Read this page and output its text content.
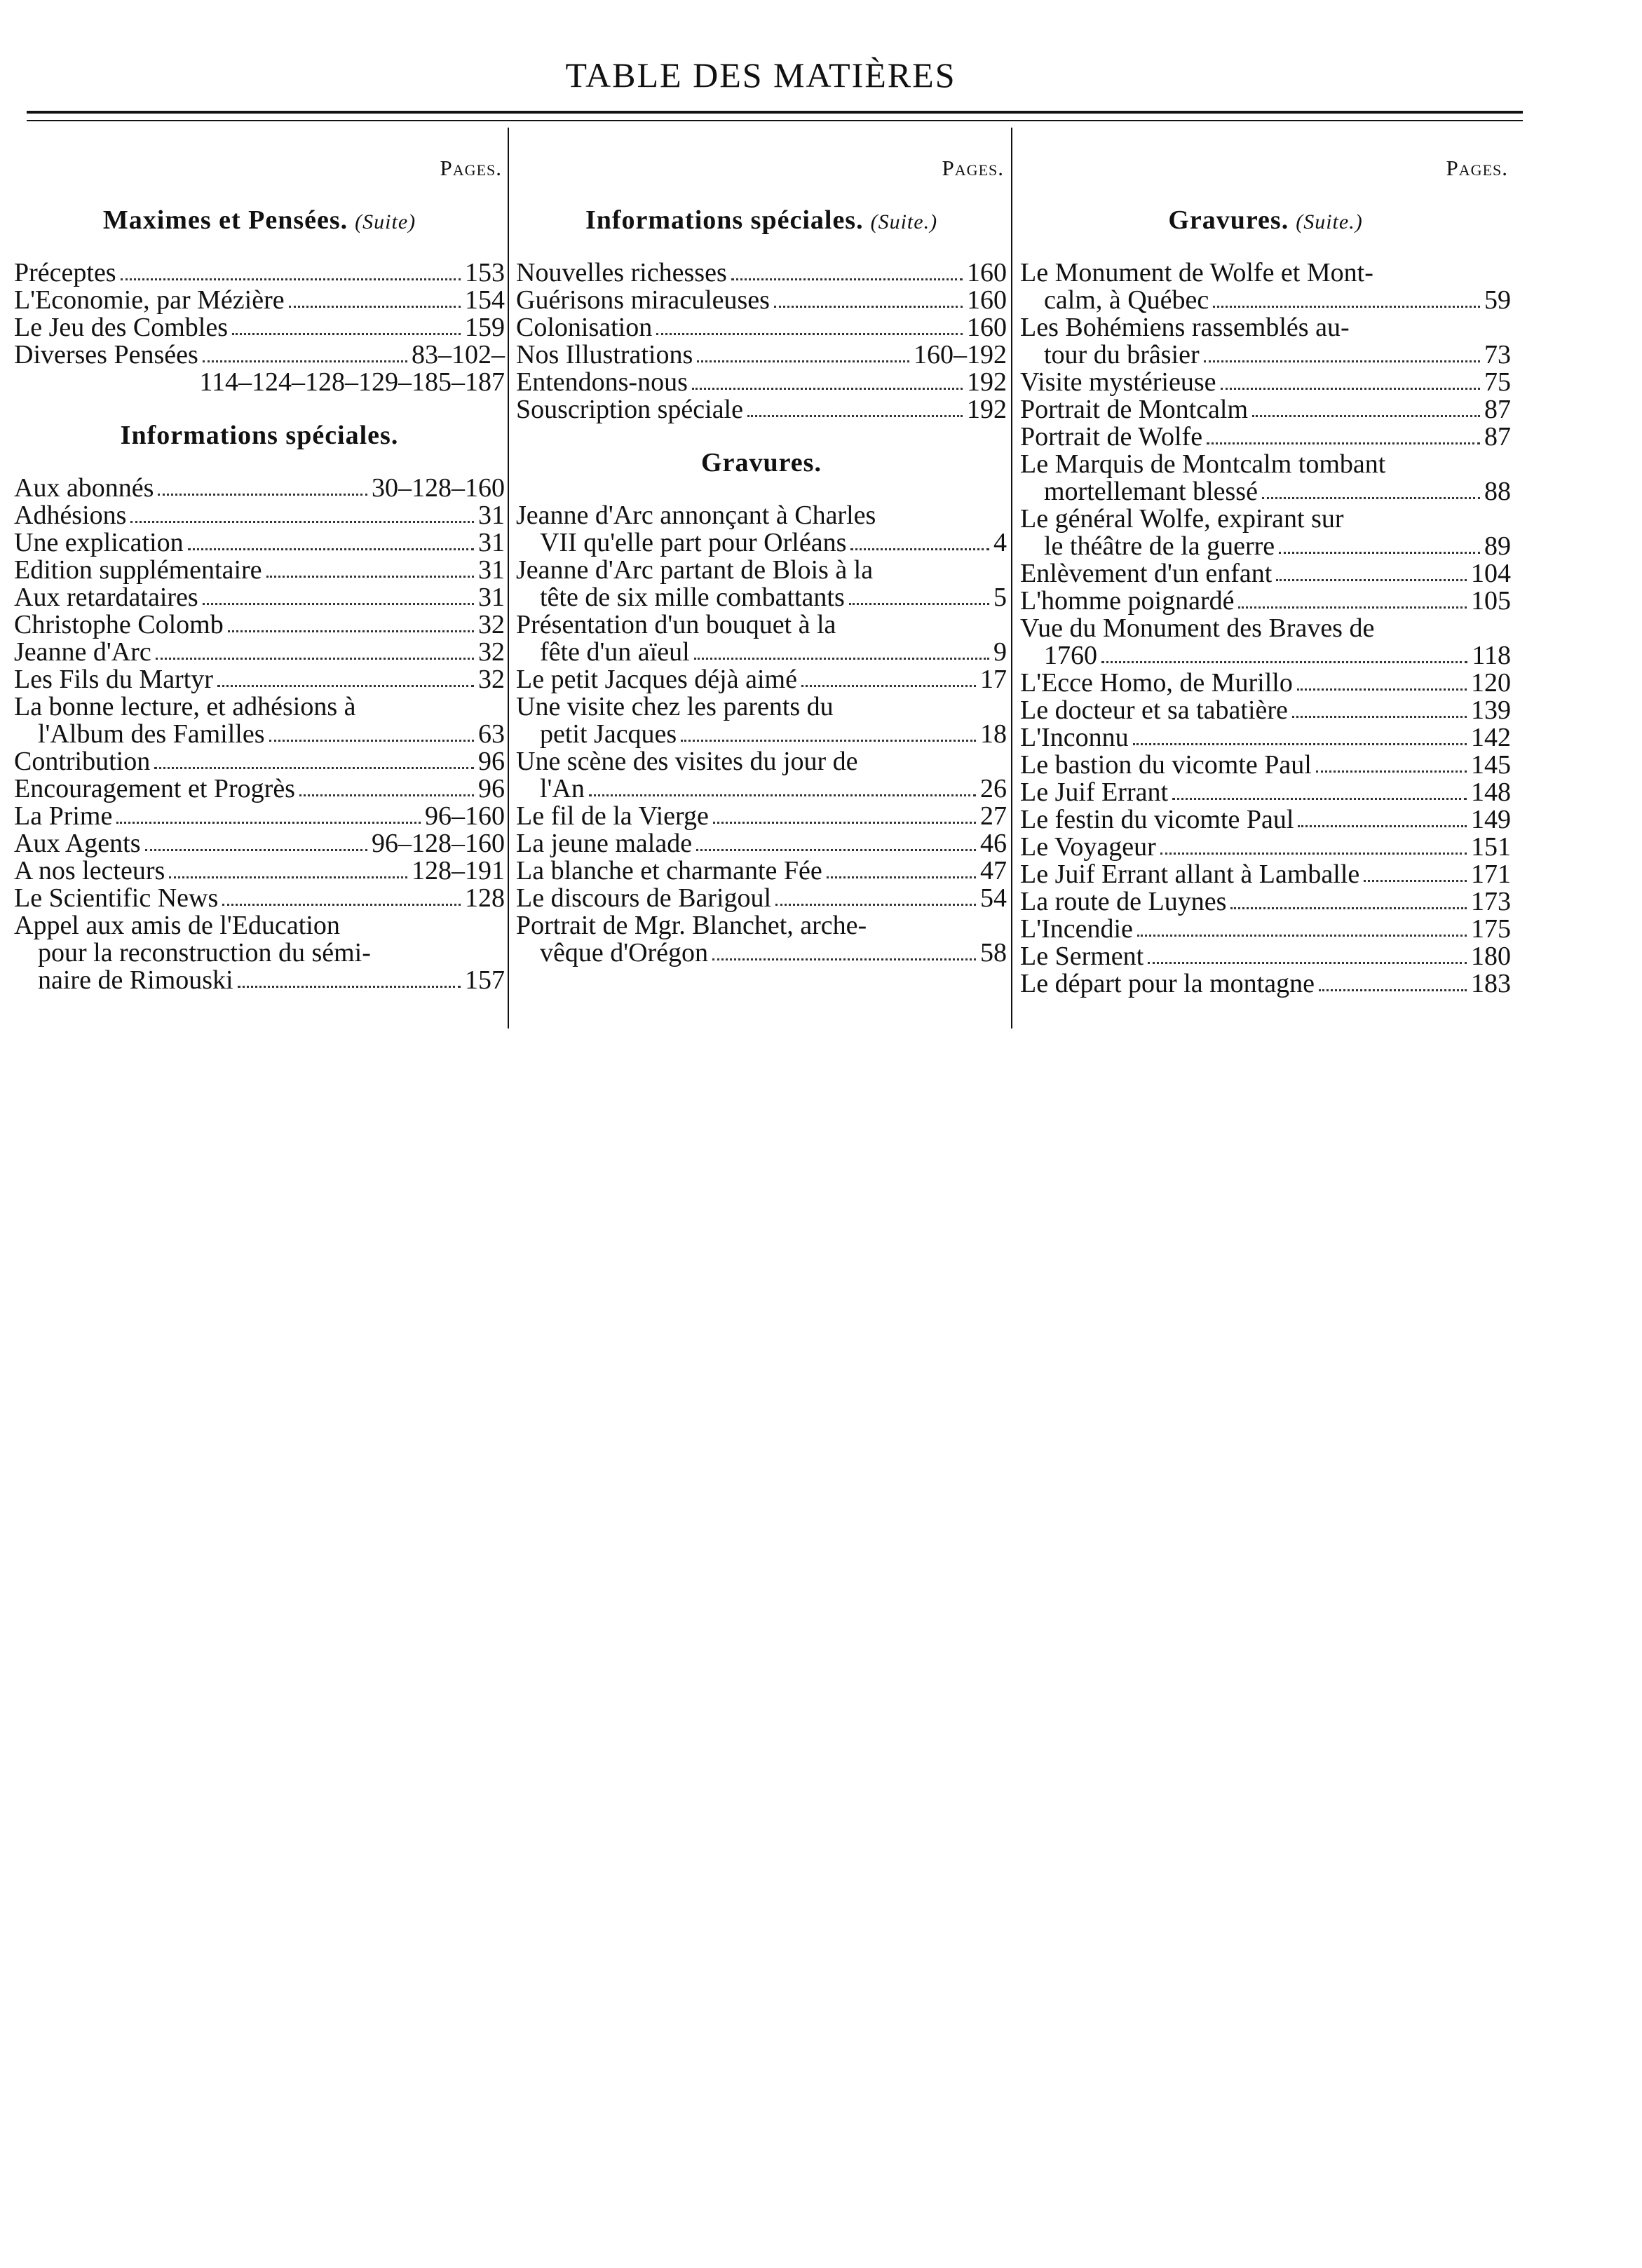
TABLE DES MATIÈRES
Pages.
Maximes et Pensées. (Suite)
Préceptes	153
L'Economie, par Mézière	154
Le Jeu des Combles	159
Diverses Pensées	83–102–
114–124–128–129–185–187
Informations spéciales.
Aux abonnés	30–128–160
Adhésions	31
Une explication	31
Edition supplémentaire	31
Aux retardataires	31
Christophe Colomb	32
Jeanne d'Arc	32
Les Fils du Martyr	32
La bonne lecture, et adhésions à
l'Album des Familles	63
Contribution	96
Encouragement et Progrès	96
La Prime	96–160
Aux Agents	96–128–160
A nos lecteurs	128–191
Le Scientific News	128
Appel aux amis de l'Education
pour la reconstruction du sémi-
naire de Rimouski	157
Pages.
Informations spéciales. (Suite.)
Nouvelles richesses	160
Guérisons miraculeuses	160
Colonisation	160
Nos Illustrations	160–192
Entendons-nous	192
Souscription spéciale	192
Gravures.
Jeanne d'Arc annonçant à Charles
VII qu'elle part pour Orléans	4
Jeanne d'Arc partant de Blois à la
tête de six mille combattants	5
Présentation d'un bouquet à la
fête d'un aïeul	9
Le petit Jacques déjà aimé	17
Une visite chez les parents du
petit Jacques	18
Une scène des visites du jour de
l'An	26
Le fil de la Vierge	27
La jeune malade	46
La blanche et charmante Fée	47
Le discours de Barigoul	54
Portrait de Mgr. Blanchet, arche-
vêque d'Orégon	58
Pages.
Gravures. (Suite.)
Le Monument de Wolfe et Mont-
calm, à Québec	59
Les Bohémiens rassemblés au-
tour du brâsier	73
Visite mystérieuse	75
Portrait de Montcalm	87
Portrait de Wolfe	87
Le Marquis de Montcalm tombant
mortellemant blessé	88
Le général Wolfe, expirant sur
le théâtre de la guerre	89
Enlèvement d'un enfant	104
L'homme poignardé	105
Vue du Monument des Braves de
1760	118
L'Ecce Homo, de Murillo	120
Le docteur et sa tabatière	139
L'Inconnu	142
Le bastion du vicomte Paul	145
Le Juif Errant	148
Le festin du vicomte Paul	149
Le Voyageur	151
Le Juif Errant allant à Lamballe	171
La route de Luynes	173
L'Incendie	175
Le Serment	180
Le départ pour la montagne	183
